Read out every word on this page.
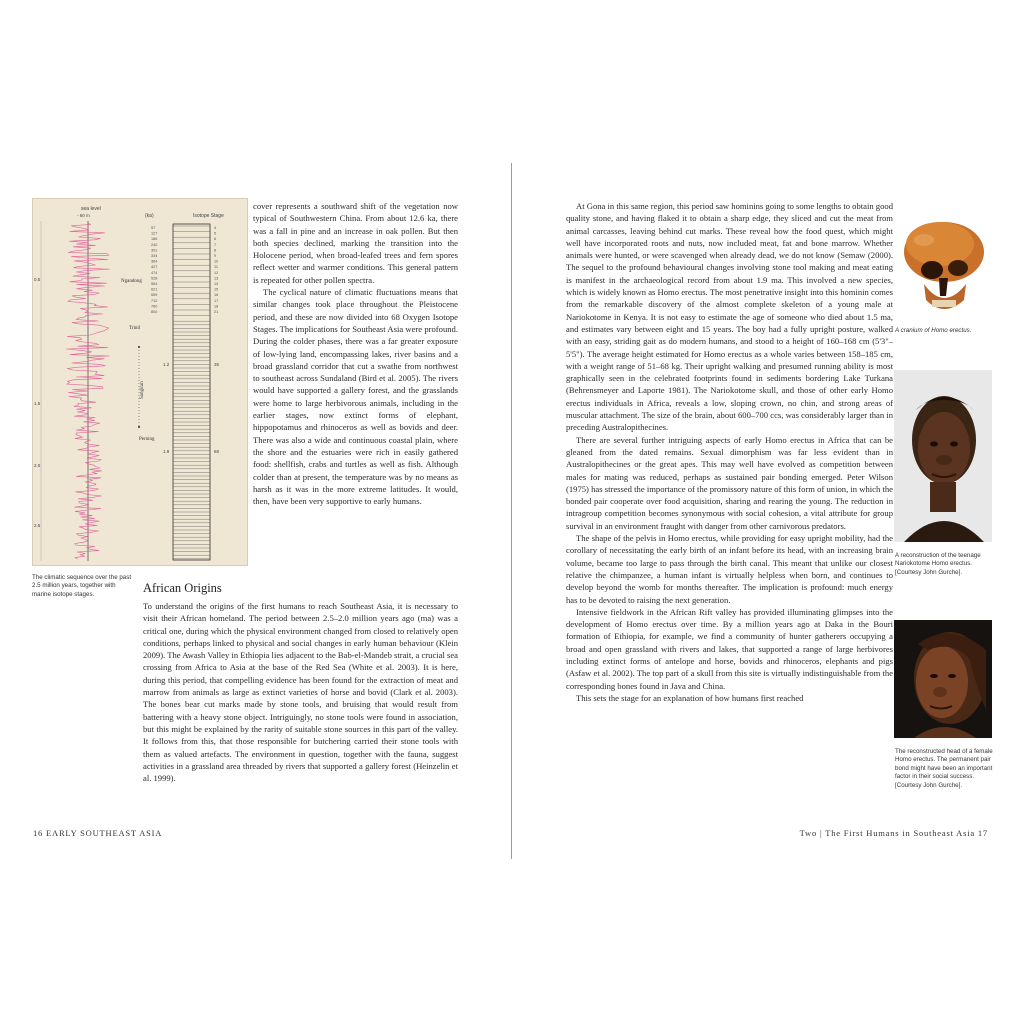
sea level
- 60 m	(ka)	Isotope Stage
0.5
1.5
2.0
2.5
57
127
186
242
301
334
364
427
474
528
564
621
659
712
760
800
4
5
6
7
8
9
10
11
12
13
14
15
16
17
18
21
1.2	35
1.9	68
Ngandong
Trinil
Sangiran
Perning
The climatic sequence over the past 2.5 million years, together with marine isotope stages.

cover represents a southward shift of the vegetation now typical of Southwestern China. From about 12.6 ka, there was a fall in pine and an increase in oak pollen. But then both species declined, marking the transition into the Holocene period, when broad-leafed trees and fern spores reflect wetter and warmer conditions. This general pattern is repeated for other pollen spectra.

The cyclical nature of climatic fluctuations means that similar changes took place throughout the Pleistocene period, and these are now divided into 68 Oxygen Isotope Stages. The implications for Southeast Asia were profound. During the colder phases, there was a far greater exposure of low-lying land, encompassing lakes, river basins and a broad grassland corridor that cut a swathe from northwest to southeast across Sundaland (Bird et al. 2005). The rivers would have supported a gallery forest, and the grasslands were home to large herbivorous animals, including in the earlier stages, now extinct forms of elephant, hippopotamus and rhinoceros as well as bovids and deer. There was also a wide and continuous coastal plain, where the shore and the estuaries were rich in easily gathered food: shellfish, crabs and turtles as well as fish. Although colder than at present, the temperature was by no means as harsh as it was in the more extreme latitudes. It would, then, have been very supportive to early humans.

African Origins

To understand the origins of the first humans to reach Southeast Asia, it is necessary to visit their African homeland. The period between 2.5–2.0 million years ago (ma) was a critical one, during which the physical environment changed from closed to relatively open conditions, perhaps linked to physical and social changes in early human behaviour (Klein 2009). The Awash Valley in Ethiopia lies adjacent to the Bab-el-Mandeb strait, a crucial sea crossing from Africa to Asia at the base of the Red Sea (White et al. 2003). It is here, during this period, that compelling evidence has been found for the extraction of meat and marrow from animals as large as extinct varieties of horse and bovid (Clark et al. 2003). The bones bear cut marks made by stone tools, and bruising that would result from battering with a heavy stone object. Intriguingly, no stone tools were found in association, but this might be explained by the rarity of suitable stone sources in this part of the valley. It follows from this, that those responsible for butchering carried their stone tools with them as valued artefacts. The environment in question, together with the fauna, suggest activities in a grassland area threaded by rivers that supported a gallery forest (Heinzelin et al. 1999).

16 EARLY SOUTHEAST ASIA

At Gona in this same region, this period saw hominins going to some lengths to obtain good quality stone, and having flaked it to obtain a sharp edge, they sliced and cut the meat from animal carcasses, leaving behind cut marks. These reveal how the food quest, which might well have incorporated roots and nuts, now included meat, fat and bone marrow. Whether animals were hunted, or were scavenged when already dead, we do not know (Semaw (2000). The sequel to the profound behavioural changes involving stone tool making and meat eating is manifest in the archaeological record from about 1.9 ma. This involved a new species, which is widely known as Homo erectus. The most penetrative insight into this hominin comes from the remarkable discovery of the almost complete skeleton of a young male at Nariokotome in Kenya. It is not easy to estimate the age of someone who died about 1.5 ma, and estimates vary between eight and 15 years. The boy had a fully upright posture, walked with an easy, striding gait as do modern humans, and stood to a height of 160–168 cm (5'3"–5'5"). The average height estimated for Homo erectus as a whole varies between 158–185 cm, with a weight range of 51–68 kg. Their upright walking and presumed running ability is most graphically seen in the celebrated footprints found in sediments bordering Lake Turkana (Behrensmeyer and Laporte 1981). The Nariokotome skull, and those of other early Homo erectus individuals in Africa, reveals a low, sloping crown, no chin, and strong areas of muscular attachment. The size of the brain, about 600–700 ccs, was considerably larger than in preceding Australopithecines.

There are several further intriguing aspects of early Homo erectus in Africa that can be gleaned from the dated remains. Sexual dimorphism was far less evident than in Australopithecines or the great apes. This may well have evolved as competition between males for mating was reduced, perhaps as sustained pair bonding emerged. Peter Wilson (1975) has stressed the importance of the promissory nature of this form of union, in which the bonded pair cooperate over food acquisition, sharing and rearing the young. The reduction in intragroup competition becomes synonymous with social cohesion, a vital attribute for group survival in an environment fraught with danger from other carnivorous predators.

The shape of the pelvis in Homo erectus, while providing for easy upright mobility, had the corollary of necessitating the early birth of an infant before its head, with an increasing brain volume, became too large to pass through the birth canal. This meant that unlike our closest relative the chimpanzee, a human infant is virtually helpless when born, and continues to develop beyond the womb for months thereafter. The implication is profound: much energy has to be devoted to raising the next generation.

Intensive fieldwork in the African Rift valley has provided illuminating glimpses into the development of Homo erectus over time. By a million years ago at Daka in the Bouri formation of Ethiopia, for example, we find a community of hunter gatherers occupying a broad and open grassland with rivers and lakes, that supported a range of large herbivores including extinct forms of antelope and horse, bovids and rhinoceros, elephants and pigs (Asfaw et al. 2002). The top part of a skull from this site is virtually indistinguishable from the corresponding bones found in Java and China.

This sets the stage for an explanation of how humans first reached

A cranium of Homo erectus.
A reconstruction of the teenage Nariokotome Homo erectus. [Courtesy John Gurche].
The reconstructed head of a female Homo erectus. The permanent pair bond might have been an important factor in their social success. [Courtesy John Gurche].
Two | The First Humans in Southeast Asia 17
